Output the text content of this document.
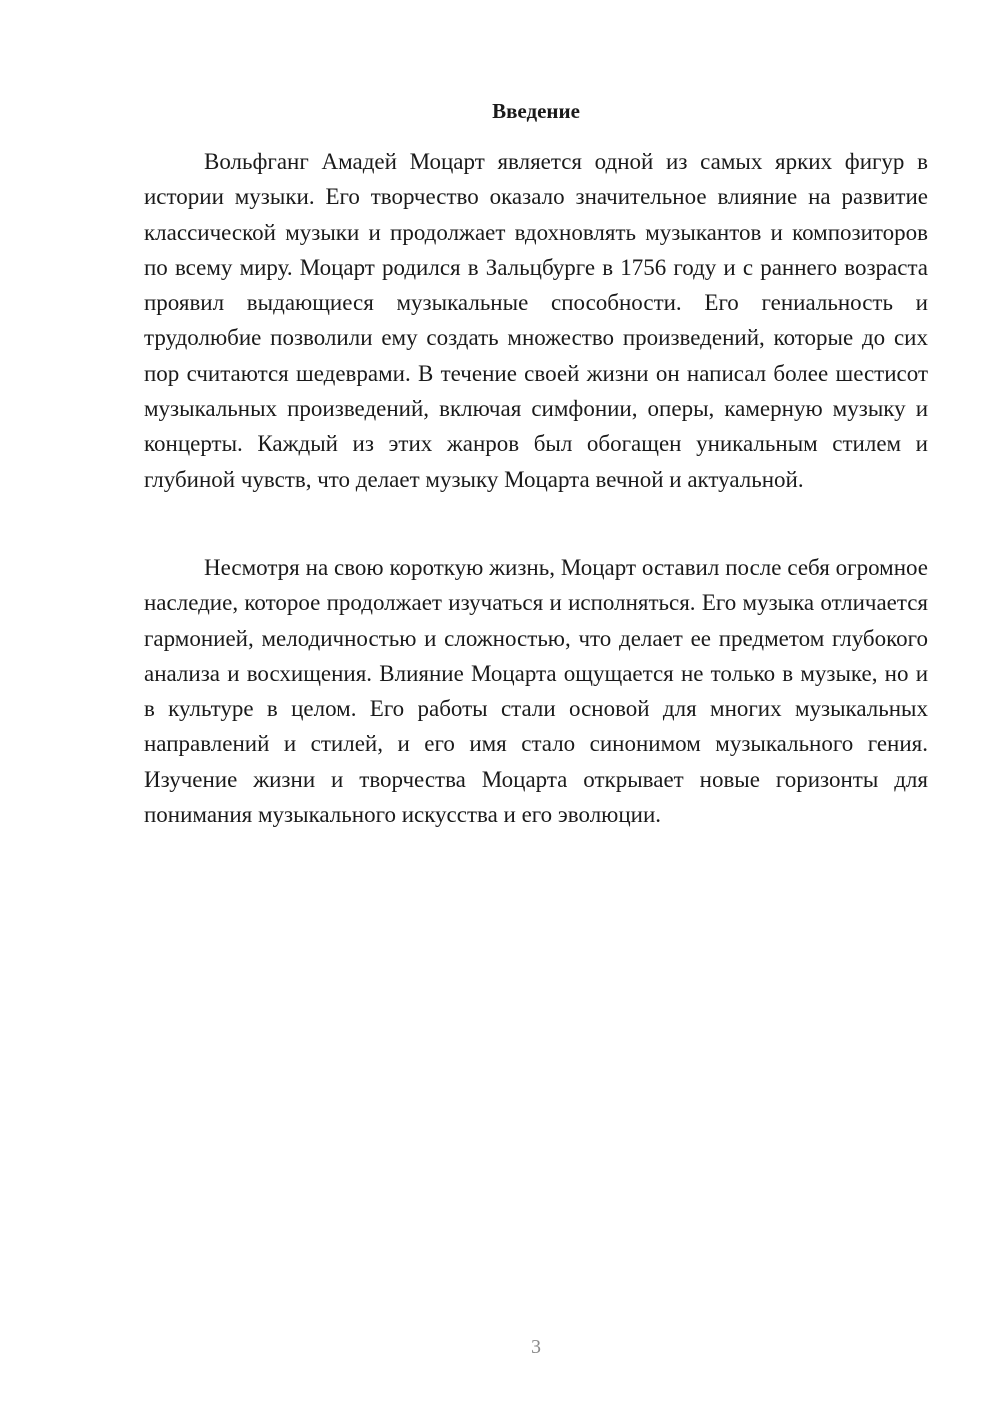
Введение

Вольфганг Амадей Моцарт является одной из самых ярких фигур в истории музыки. Его творчество оказало значительное влияние на развитие классической музыки и продолжает вдохновлять музыкантов и композиторов по всему миру. Моцарт родился в Зальцбурге в 1756 году и с раннего возраста проявил выдающиеся музыкальные способности. Его гениальность и трудолюбие позволили ему создать множество произведений, которые до сих пор считаются шедеврами. В течение своей жизни он написал более шестисот музыкальных произведений, включая симфонии, оперы, камерную музыку и концерты. Каждый из этих жанров был обогащен уникальным стилем и глубиной чувств, что делает музыку Моцарта вечной и актуальной.

Несмотря на свою короткую жизнь, Моцарт оставил после себя огромное наследие, которое продолжает изучаться и исполняться. Его музыка отличается гармонией, мелодичностью и сложностью, что делает ее предметом глубокого анализа и восхищения. Влияние Моцарта ощущается не только в музыке, но и в культуре в целом. Его работы стали основой для многих музыкальных направлений и стилей, и его имя стало синонимом музыкального гения. Изучение жизни и творчества Моцарта открывает новые горизонты для понимания музыкального искусства и его эволюции.

3
